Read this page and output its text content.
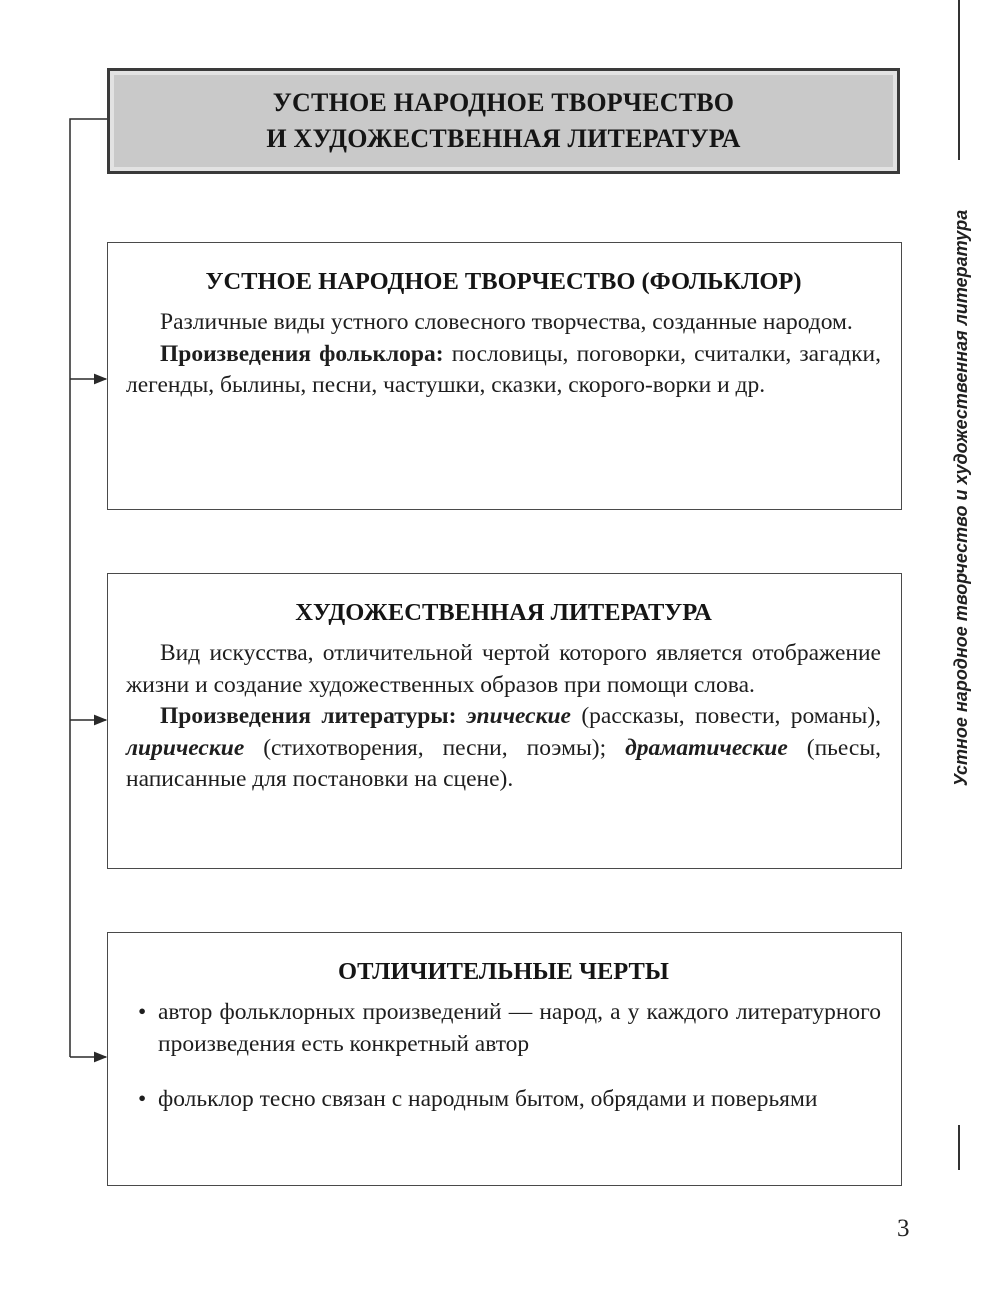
УСТНОЕ НАРОДНОЕ ТВОРЧЕСТВО
И ХУДОЖЕСТВЕННАЯ ЛИТЕРАТУРА
УСТНОЕ НАРОДНОЕ ТВОРЧЕСТВО (ФОЛЬКЛОР)

Различные виды устного словесного творчества, созданные народом.

Произведения фольклора: пословицы, поговорки, считалки, загадки, легенды, былины, песни, частушки, сказки, скорого-ворки и др.

ХУДОЖЕСТВЕННАЯ ЛИТЕРАТУРА

Вид искусства, отличительной чертой которого является отображение жизни и создание художественных образов при помощи слова.

Произведения литературы: эпические (рассказы, повести, романы), лирические (стихотворения, песни, поэмы); драматические (пьесы, написанные для постановки на сцене).

ОТЛИЧИТЕЛЬНЫЕ ЧЕРТЫ
• автор фольклорных произведений — народ, а у каждого литературного произведения есть конкретный автор
• фольклор тесно связан с народным бытом, обрядами и поверьями
Устное народное творчество и художественная литература
3
